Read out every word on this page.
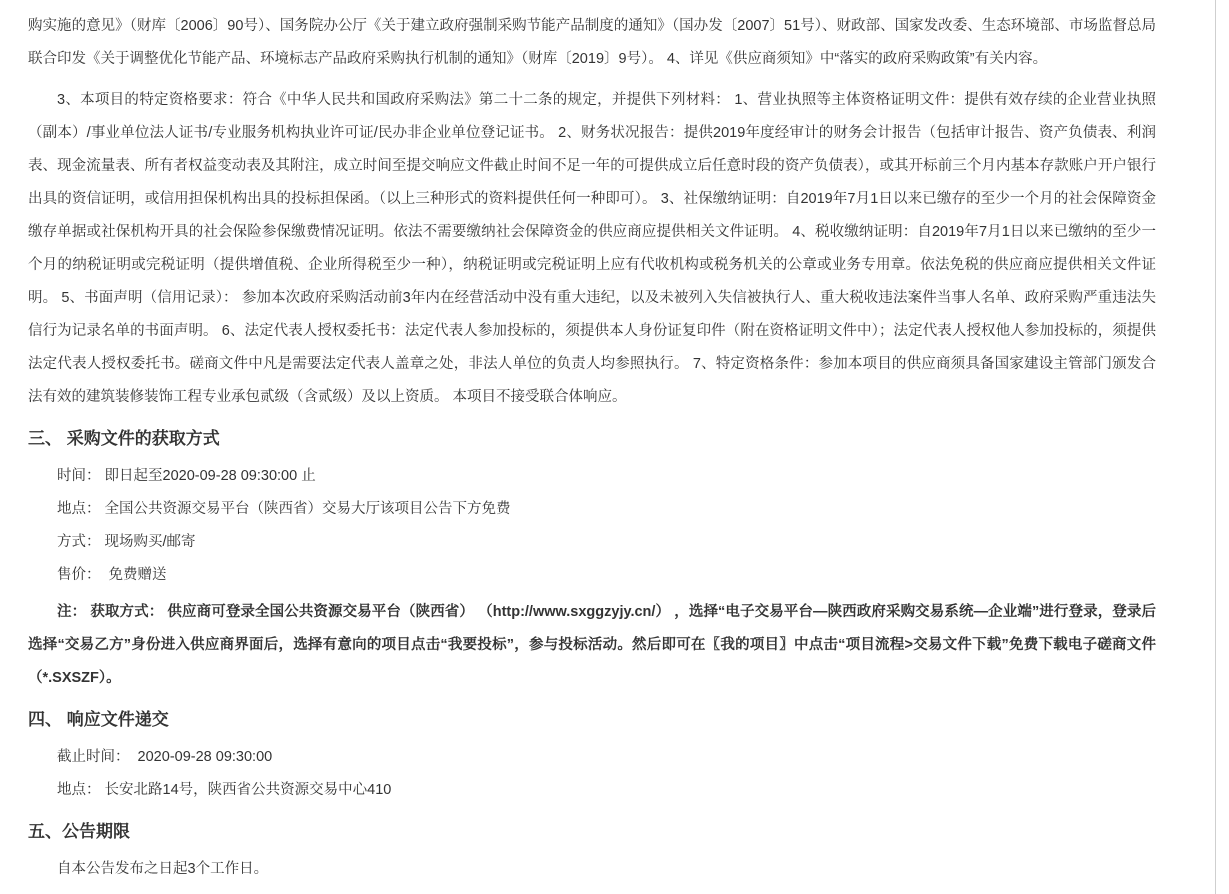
购实施的意见》（财库〔2006〕90号）、国务院办公厅《关于建立政府强制采购节能产品制度的通知》（国办发〔2007〕51号）、财政部、国家发改委、生态环境部、市场监督总局联合印发《关于调整优化节能产品、环境标志产品政府采购执行机制的通知》（财库〔2019〕9号）。 4、详见《供应商须知》中“落实的政府采购政策”有关内容。

3、本项目的特定资格要求：符合《中华人民共和国政府采购法》第二十二条的规定，并提供下列材料： 1、营业执照等主体资格证明文件：提供有效存续的企业营业执照（副本）/事业单位法人证书/专业服务机构执业许可证/民办非企业单位登记证书。 2、财务状况报告：提供2019年度经审计的财务会计报告（包括审计报告、资产负债表、利润表、现金流量表、所有者权益变动表及其附注，成立时间至提交响应文件截止时间不足一年的可提供成立后任意时段的资产负债表），或其开标前三个月内基本存款账户开户银行出具的资信证明，或信用担保机构出具的投标担保函。（以上三种形式的资料提供任何一种即可）。 3、社保缴纳证明：自2019年7月1日以来已缴存的至少一个月的社会保障资金缴存单据或社保机构开具的社会保险参保缴费情况证明。依法不需要缴纳社会保障资金的供应商应提供相关文件证明。 4、税收缴纳证明：自2019年7月1日以来已缴纳的至少一个月的纳税证明或完税证明（提供增值税、企业所得税至少一种），纳税证明或完税证明上应有代收机构或税务机关的公章或业务专用章。依法免税的供应商应提供相关文件证明。 5、书面声明（信用记录）： 参加本次政府采购活动前3年内在经营活动中没有重大违纪，以及未被列入失信被执行人、重大税收违法案件当事人名单、政府采购严重违法失信行为记录名单的书面声明。 6、法定代表人授权委托书：法定代表人参加投标的，须提供本人身份证复印件（附在资格证明文件中）；法定代表人授权他人参加投标的，须提供法定代表人授权委托书。磋商文件中凡是需要法定代表人盖章之处，非法人单位的负责人均参照执行。 7、特定资格条件：参加本项目的供应商须具备国家建设主管部门颁发合法有效的建筑装修装饰工程专业承包贰级（含贰级）及以上资质。 本项目不接受联合体响应。

三、 采购文件的获取方式
时间： 即日起至2020-09-28 09:30:00 止
地点： 全国公共资源交易平台（陕西省）交易大厅该项目公告下方免费
方式： 现场购买/邮寄
售价：  免费赠送

注： 获取方式： 供应商可登录全国公共资源交易平台（陕西省） （http://www.sxggzyjy.cn/） ，选择“电子交易平台—陕西政府采购交易系统—企业端”进行登录，登录后选择“交易乙方”身份进入供应商界面后，选择有意向的项目点击“我要投标”，参与投标活动。然后即可在〖我的项目〗中点击“项目流程>交易文件下载”免费下载电子磋商文件（*.SXSZF）。

四、 响应文件递交
截止时间：  2020-09-28 09:30:00
地点： 长安北路14号，陕西省公共资源交易中心410
五、公告期限
自本公告发布之日起3个工作日。
